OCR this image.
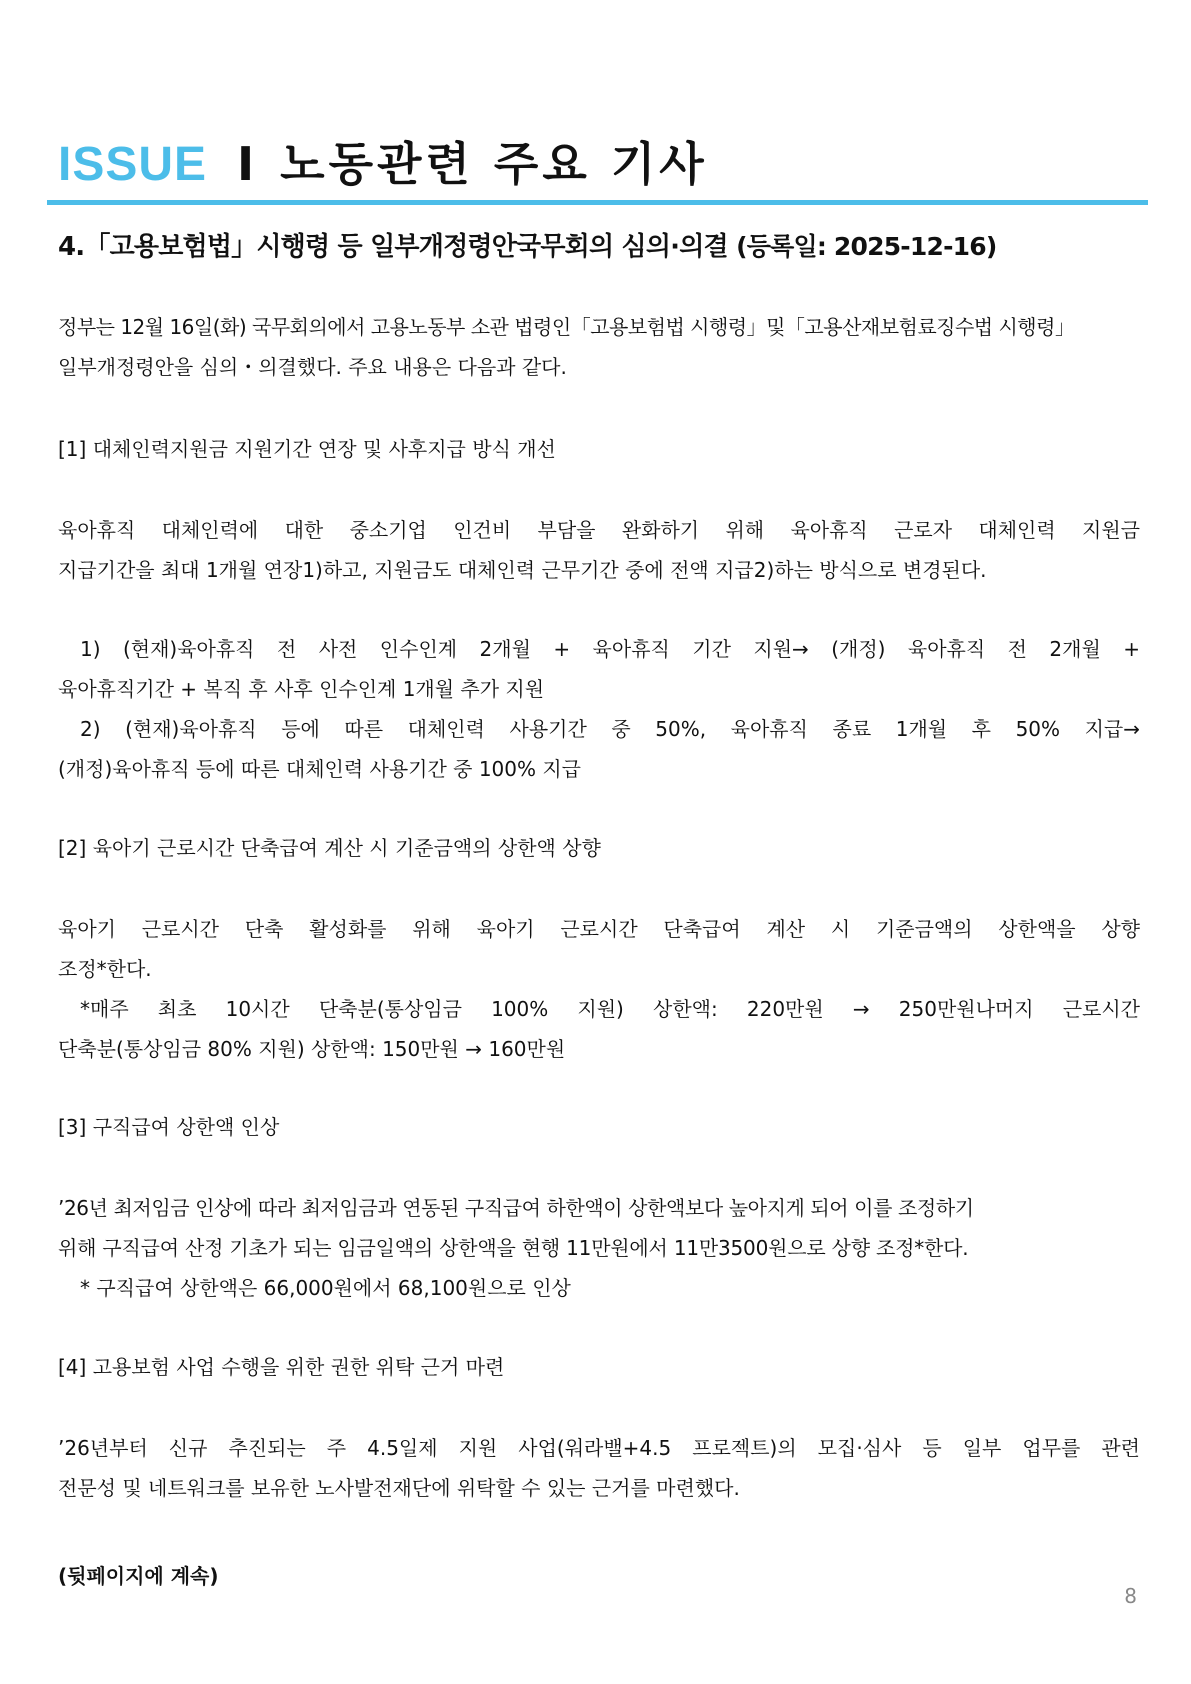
ISSUE I 노동관련 주요 기사
4.「고용보험법」시행령 등 일부개정령안국무회의 심의·의결 (등록일: 2025-12-16)

정부는 12월 16일(화) 국무회의에서 고용노동부 소관 법령인「고용보험법 시행령」및「고용산재보험료징수법 시행령」

일부개정령안을 심의・의결했다. 주요 내용은 다음과 같다.

[1] 대체인력지원금 지원기간 연장 및 사후지급 방식 개선

육아휴직 대체인력에 대한 중소기업 인건비 부담을 완화하기 위해 육아휴직 근로자 대체인력 지원금

지급기간을 최대 1개월 연장1)하고, 지원금도 대체인력 근무기간 중에 전액 지급2)하는 방식으로 변경된다.

1) (현재)육아휴직 전 사전 인수인계 2개월 + 육아휴직 기간 지원→ (개정) 육아휴직 전 2개월 +

육아휴직기간 + 복직 후 사후 인수인계 1개월 추가 지원

2) (현재)육아휴직 등에 따른 대체인력 사용기간 중 50%, 육아휴직 종료 1개월 후 50% 지급→

(개정)육아휴직 등에 따른 대체인력 사용기간 중 100% 지급

[2] 육아기 근로시간 단축급여 계산 시 기준금액의 상한액 상향

육아기 근로시간 단축 활성화를 위해 육아기 근로시간 단축급여 계산 시 기준금액의 상한액을 상향

조정*한다.

*매주 최초 10시간 단축분(통상임금 100% 지원) 상한액: 220만원 → 250만원나머지 근로시간

단축분(통상임금 80% 지원) 상한액: 150만원 → 160만원

[3] 구직급여 상한액 인상

’26년 최저임금 인상에 따라 최저임금과 연동된 구직급여 하한액이 상한액보다 높아지게 되어 이를 조정하기

위해 구직급여 산정 기초가 되는 임금일액의 상한액을 현행 11만원에서 11만3500원으로 상향 조정*한다.

* 구직급여 상한액은 66,000원에서 68,100원으로 인상

[4] 고용보험 사업 수행을 위한 권한 위탁 근거 마련

’26년부터 신규 추진되는 주 4.5일제 지원 사업(워라밸+4.5 프로젝트)의 모집·심사 등 일부 업무를 관련

전문성 및 네트워크를 보유한 노사발전재단에 위탁할 수 있는 근거를 마련했다.

(뒷페이지에 계속)
8
